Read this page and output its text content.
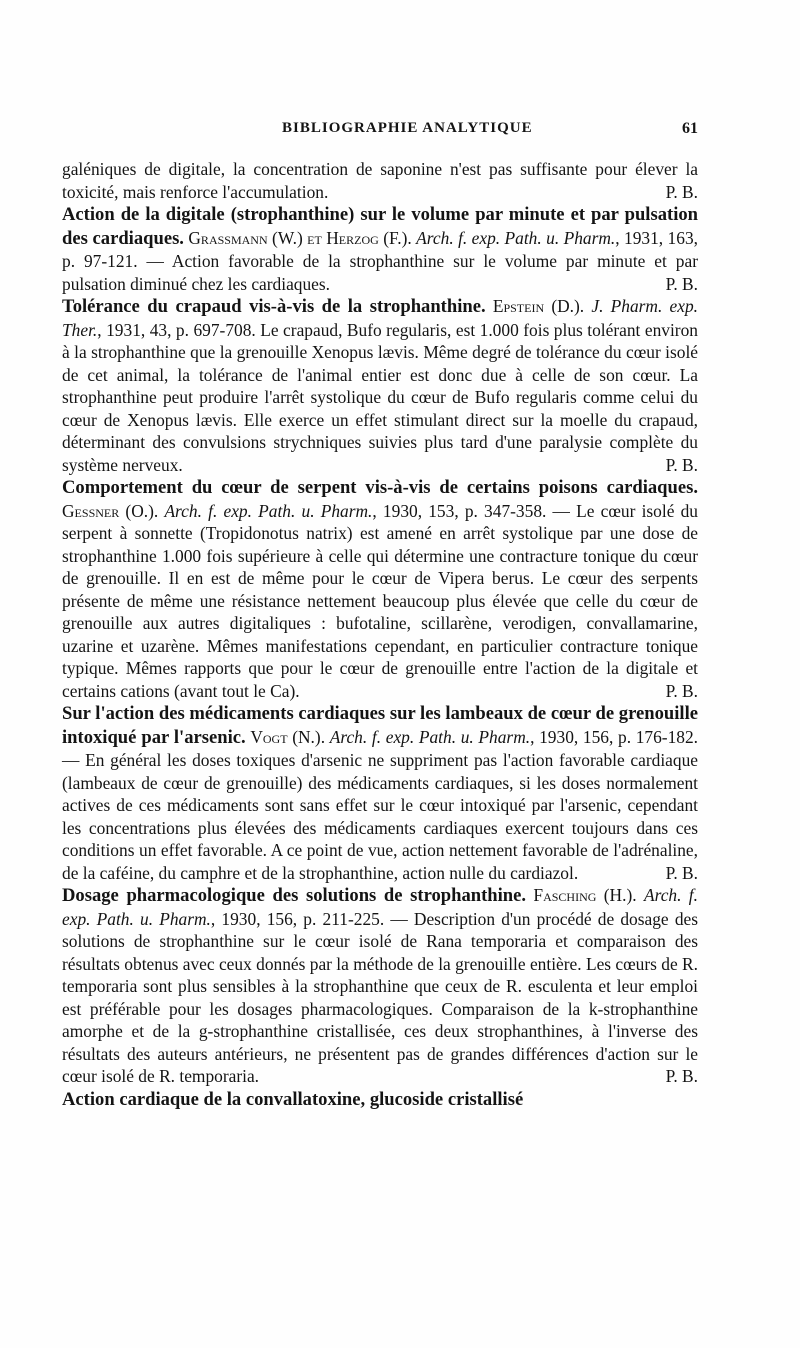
BIBLIOGRAPHIE ANALYTIQUE	61

galéniques de digitale, la concentration de saponine n'est pas suffisante pour élever la toxicité, mais renforce l'accumulation.	P. B.

Action de la digitale (strophanthine) sur le volume par minute et par pulsation des cardiaques. Grassmann (W.) et Herzog (F.). Arch. f. exp. Path. u. Pharm., 1931, 163, p. 97-121. — Action favorable de la strophanthine sur le volume par minute et par pulsation diminué chez les cardiaques.	P. B.

Tolérance du crapaud vis-à-vis de la strophanthine. Epstein (D.). J. Pharm. exp. Ther., 1931, 43, p. 697-708. Le crapaud, Bufo regularis, est 1.000 fois plus tolérant environ à la strophanthine que la grenouille Xenopus lævis. Même degré de tolérance du cœur isolé de cet animal, la tolérance de l'animal entier est donc due à celle de son cœur. La strophanthine peut produire l'arrêt systolique du cœur de Bufo regularis comme celui du cœur de Xenopus lævis. Elle exerce un effet stimulant direct sur la moelle du crapaud, déterminant des convulsions strychniques suivies plus tard d'une paralysie complète du système nerveux.	P. B.

Comportement du cœur de serpent vis-à-vis de certains poisons cardiaques. Gessner (O.). Arch. f. exp. Path. u. Pharm., 1930, 153, p. 347-358. — Le cœur isolé du serpent à sonnette (Tropidonotus natrix) est amené en arrêt systolique par une dose de strophanthine 1.000 fois supérieure à celle qui détermine une contracture tonique du cœur de grenouille. Il en est de même pour le cœur de Vipera berus. Le cœur des serpents présente de même une résistance nettement beaucoup plus élevée que celle du cœur de grenouille aux autres digitaliques : bufotaline, scillarène, verodigen, convallamarine, uzarine et uzarène. Mêmes manifestations cependant, en particulier contracture tonique typique. Mêmes rapports que pour le cœur de grenouille entre l'action de la digitale et certains cations (avant tout le Ca).	P. B.

Sur l'action des médicaments cardiaques sur les lambeaux de cœur de grenouille intoxiqué par l'arsenic. Vogt (N.). Arch. f. exp. Path. u. Pharm., 1930, 156, p. 176-182. — En général les doses toxiques d'arsenic ne suppriment pas l'action favorable cardiaque (lambeaux de cœur de grenouille) des médicaments cardiaques, si les doses normalement actives de ces médicaments sont sans effet sur le cœur intoxiqué par l'arsenic, cependant les concentrations plus élevées des médicaments cardiaques exercent toujours dans ces conditions un effet favorable. A ce point de vue, action nettement favorable de l'adrénaline, de la caféine, du camphre et de la strophanthine, action nulle du cardiazol.	P. B.

Dosage pharmacologique des solutions de strophanthine. Fasching (H.). Arch. f. exp. Path. u. Pharm., 1930, 156, p. 211-225. — Description d'un procédé de dosage des solutions de strophanthine sur le cœur isolé de Rana temporaria et comparaison des résultats obtenus avec ceux donnés par la méthode de la grenouille entière. Les cœurs de R. temporaria sont plus sensibles à la strophanthine que ceux de R. esculenta et leur emploi est préférable pour les dosages pharmacologiques. Comparaison de la k-strophanthine amorphe et de la g-strophanthine cristallisée, ces deux strophanthines, à l'inverse des résultats des auteurs antérieurs, ne présentent pas de grandes différences d'action sur le cœur isolé de R. temporaria.	P. B.

Action cardiaque de la convallatoxine, glucoside cristallisé
